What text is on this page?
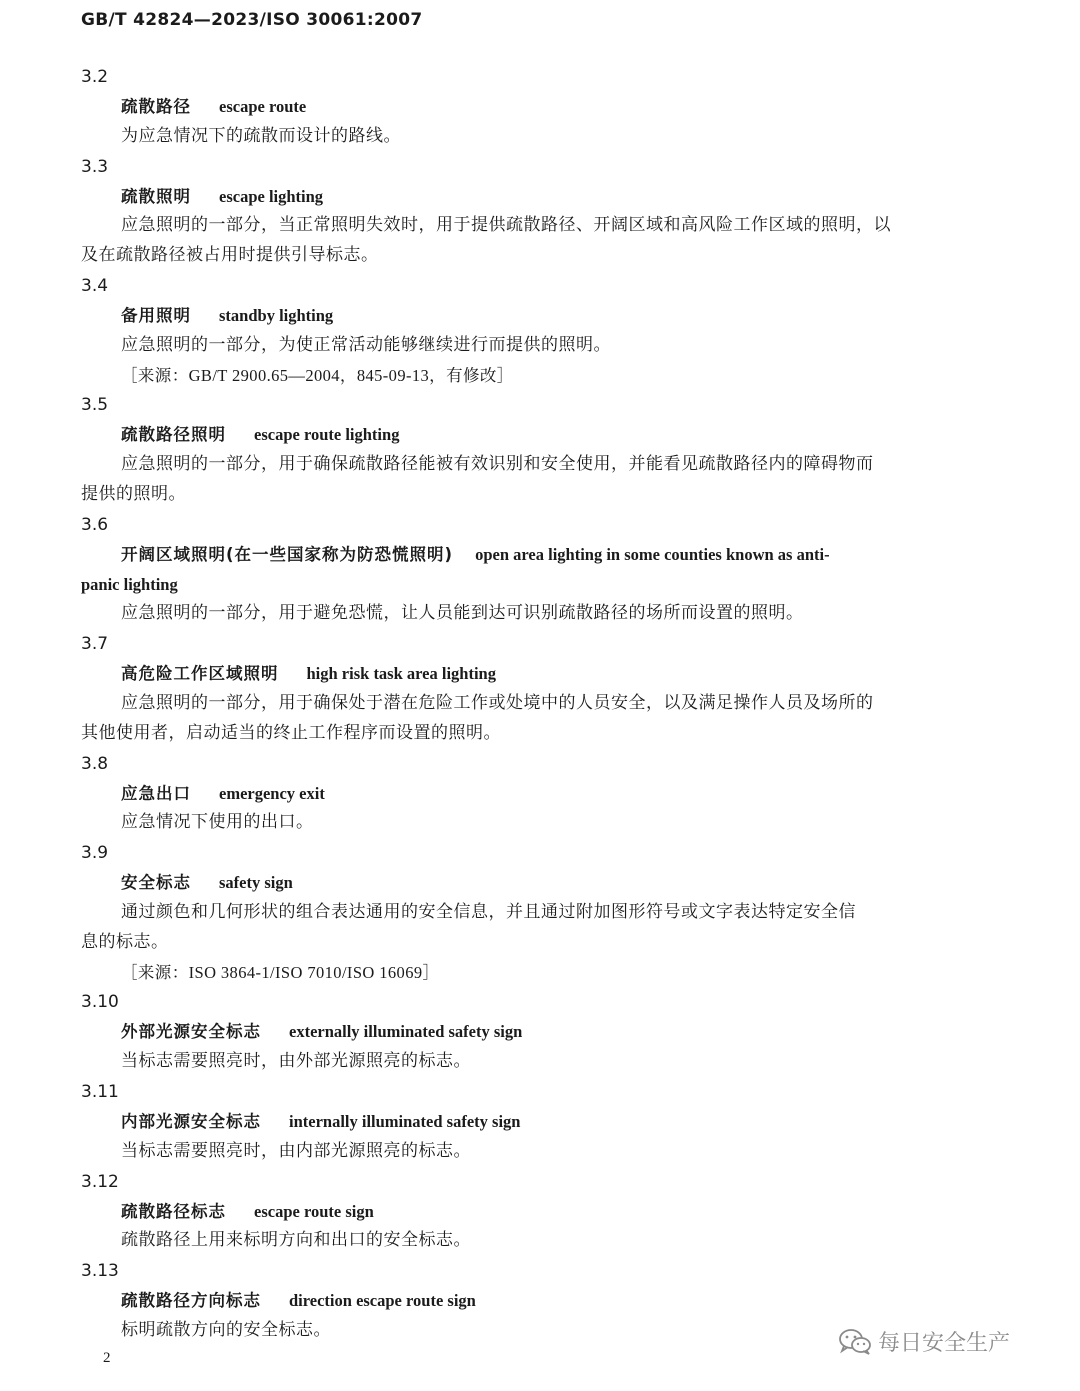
GB/T 42824—2023/ISO 30061:2007
3.2
疏散路径 escape route
为应急情况下的疏散而设计的路线。
3.3
疏散照明 escape lighting
应急照明的一部分，当正常照明失效时，用于提供疏散路径、开阔区域和高风险工作区域的照明，以
及在疏散路径被占用时提供引导标志。
3.4
备用照明 standby lighting
应急照明的一部分，为使正常活动能够继续进行而提供的照明。
［来源：GB/T 2900.65—2004，845-09-13，有修改］
3.5
疏散路径照明 escape route lighting
应急照明的一部分，用于确保疏散路径能被有效识别和安全使用，并能看见疏散路径内的障碍物而
提供的照明。
3.6
开阔区域照明(在一些国家称为防恐慌照明) open area lighting in some counties known as anti-
panic lighting
应急照明的一部分，用于避免恐慌，让人员能到达可识别疏散路径的场所而设置的照明。
3.7
高危险工作区域照明 high risk task area lighting
应急照明的一部分，用于确保处于潜在危险工作或处境中的人员安全，以及满足操作人员及场所的
其他使用者，启动适当的终止工作程序而设置的照明。
3.8
应急出口 emergency exit
应急情况下使用的出口。
3.9
安全标志 safety sign
通过颜色和几何形状的组合表达通用的安全信息，并且通过附加图形符号或文字表达特定安全信
息的标志。
［来源：ISO 3864-1/ISO 7010/ISO 16069］
3.10
外部光源安全标志 externally illuminated safety sign
当标志需要照亮时，由外部光源照亮的标志。
3.11
内部光源安全标志 internally illuminated safety sign
当标志需要照亮时，由内部光源照亮的标志。
3.12
疏散路径标志 escape route sign
疏散路径上用来标明方向和出口的安全标志。
3.13
疏散路径方向标志 direction escape route sign
标明疏散方向的安全标志。
2
每日安全生产
